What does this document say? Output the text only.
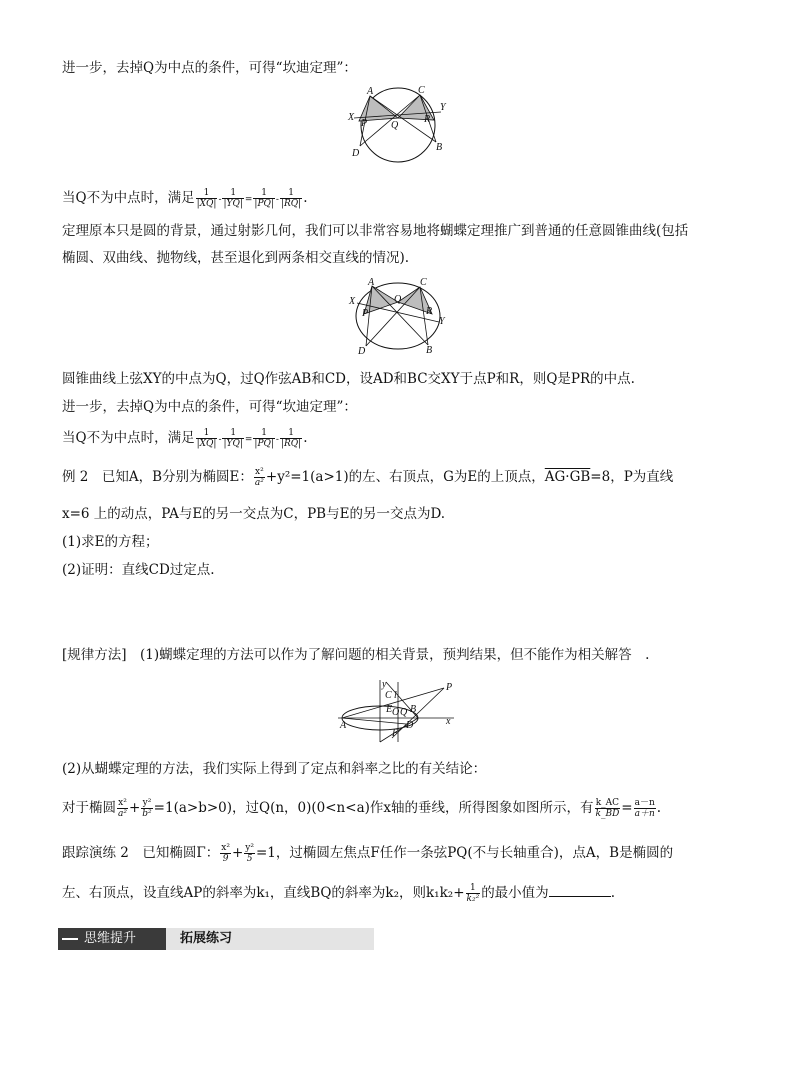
进一步，去掉Q为中点的条件，可得“坎迪定理”：
A	C
X
Y
P Q
R
D
B
当Q不为中点时，满足 $\frac{1}{|XQ|} - \frac{1}{|YQ|} = \frac{1}{|PQ|} - \frac{1}{|RQ|}$ .
定理原本只是圆的背景，通过射影几何，我们可以非常容易地将蝴蝶定理推广到普通的任意圆锥曲线(包括
椭圆、双曲线、抛物线，甚至退化到两条相交直线的情况).
A	C
X	Q
P	R
Y
D	B
圆锥曲线上弦XY的中点为Q，过Q作弦AB和CD，设AD和BC交XY于点P和R，则Q是PR的中点.
进一步，去掉Q为中点的条件，可得“坎迪定理”：
当Q不为中点时，满足 $\frac{1}{|XQ|} - \frac{1}{|YQ|} = \frac{1}{|PQ|} - \frac{1}{|RQ|}$ .
例 2　已知A，B分别为椭圆E： $\frac{\text{x²}}{\text{a²}} +y^2=1(a>1)$的左、右顶点，G为E的上顶点，AG·GB=8，P为直线
x=6 上的动点，PA与E的另一交点为C，PB与E的另一交点为D.
(1)求E的方程；
(2)证明：直线CD过定点.
[规律方法]　(1)蝴蝶定理的方法可以作为了解问题的相关背景，预判结果，但不能作为相关解答　.
y
C l
P
E O Q B
A	x
D
F
(2)从蝴蝶定理的方法，我们实际上得到了定点和斜率之比的有关结论：
对于椭圆 $\frac{\text{x²}}{\text{a²}} + \frac{\text{y²}}{\text{b²}} =1(a>b>0)$，过Q(n，0)(0<n<a)作x轴的垂线，所得图象如图所示，有 $\frac{k\_AC}{k\_BD} = \frac{a-n}{a+n}$ .
跟踪演练 2　已知椭圆Γ： $\frac{\text{x²}}{9} + \frac{\text{y²}}{5} =1$，过椭圆左焦点F任作一条弦PQ(不与长轴重合)，点A，B是椭圆的
左、右顶点，设直线AP的斜率为k₁，直线BQ的斜率为k₂，则$k_1k_2+ \frac{1}{\text{k₂²}}$ 的最小值为	.
思维提升	拓展练习
